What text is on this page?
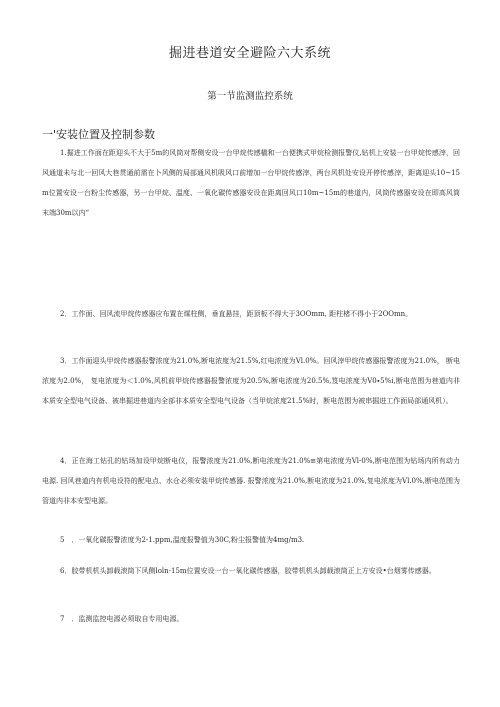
掘进巷道安全避险六大系统
第一节监测监控系统
一'安装位置及控制参数

1.掘进工作面在距迎头不大于5m的风筒对帮侧安设一台甲烷传感橇和一台便携式甲烷检测报警仪,钻机上安装一台甲烷传感滓，回风通道未与北一回风大巷贯通前需在卜风侧的局部通风机吸风口前增加一台甲烷传感滓，两台风机处安设开停传感滓，距离迎头10~15m位置安设一台粉尘传感器，另一台甲烷、温度、一氧化碳传感器安设在距离回风口10m~15m的巷道内，风筒传感器安设在即高风筒末端30m以内“

2．工作面、回风流甲烷传感器应布置在煤柱侧，垂直悬挂，距顶板不得大于3OOmm, 距柱楮不得小于2OOmn。

3．工作面迎头甲烷传感器报警浓度为21.0%,断电浓度为21.5%,红电浓度为Vl.0%。回风滓甲烷传感器报警浓度为21.0%， 断电浓度为2.0%， 复电浓度为＜1.0%,风机前甲烷传感器报警浓度为20.5%,断电浓度为20.5%,笈电浓度为V0∙5%i,断电范围为巷道内非本质安全型电气设备、被串掘进巷道内全部非本质安全型电气设备（当甲烷浓度21.5%时，断电范围为被串掘进工作面局部通风机）。

4．正在海工钻孔的钻场加设甲烷断电仪，报警浓度为21.0%,断电浓度为21.0%≡第电浓度为Vl-0%,断电范围为钻场内所有动力电源. 回风巷道内有机电设符的配电点、水仓必须安装甲烷传感器. 报警浓度为21.0%,断电浓度为21.0%,复电浓度为Vl.0%,断电范围为管道内非本安型电源。

5　．一氧化碳报警浓度为2-1.ppm,温度报警值为30C,粉尘报警值为4mg/m3.

6．胶带机机头卸载滚筒下风侧loln-15m位置安设一台一氧化碳传感器，胶带机机头卸载滚筒正上方安设•台烟雾传感器。

7　．监测监控电源必须取自专用电源。
